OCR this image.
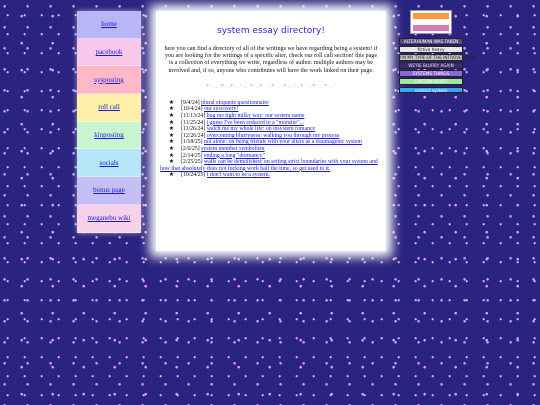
home
pacebook
sysposting
roll call
kinposting
socials
bonus page
meganebu wiki
system essay directory!

here you can find a directory of all of the writings we have regarding being a system! if you are looking for the writings of a specific alter, check our roll call section! this page is a collection of everything we write, regardless of author. multiple authors may be involved and, if so, anyone who contributes will have the work linked on their page.

*·.. *·.*·.'·. *·.* ·.*·. *·.'·.* ·.*·. *·.'
★ [9/4/24] plural etiquette questionnaire
★ [10/4/24] our syscovery!
★ [11/13/24] hug me tight milky way: our system name
★ [11/25/24] i guess I've been reduced to a "monster"...
★ [11/26/24] watch me my whole life: on insystem romance
★ [12/26/24] overcoming blurryness: walking you through my process
★ [1/18/25] not alone: on being friends with your alters as a traumagenic system
★ [2/6/25] system member symbolism
★ [2/14/25] ending a long "dormancy"
★ [2/25/25] walls can be demolished: on setting strict boundaries with your system and how that absolutely does not fucking work half the time, so get used to it.
★ [10/24/25] i don't want to be a system.
ALTERHUMAN WAS TAKEN
fictive heavy
I'M MY TYPE OF THE INTROVERSION
WE'RE BLURRY AGAIN
SYSTEMS THINGS
CUSTOM POSTS
contact system
